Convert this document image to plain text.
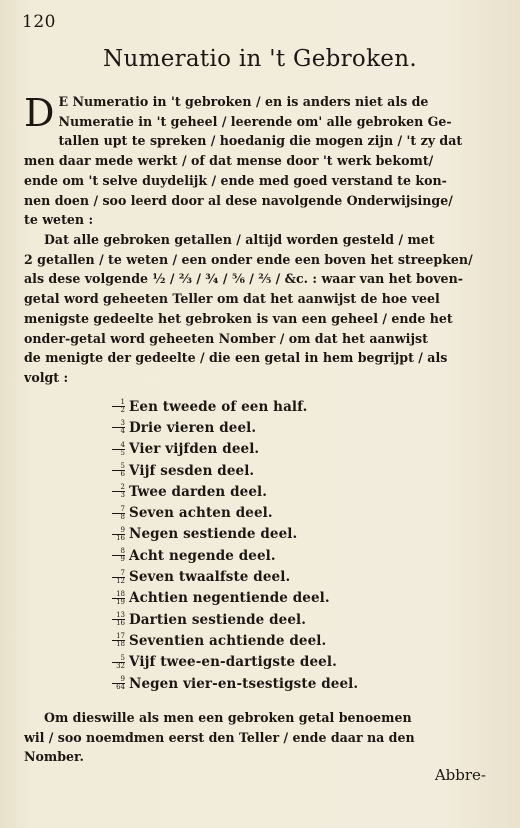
120
Numeratio in 't Gebroken.
D E Numeratio in 't gebroken / en is anders niet als de
Numeratie in 't geheel / leerende om' alle gebroken Ge-
tallen upt te spreken / hoedanig die mogen zijn / 't zy dat
men daar mede werkt / of dat mense door 't werk bekomt/
ende om 't selve duydelijk / ende med goed verstand te kon-
nen doen / soo leerd door al dese navolgende Onderwijsinge/
te weten :
Dat alle gebroken getallen / altijd worden gesteld / met
2 getallen / te weten / een onder ende een boven het streepken/
als dese volgende ½ / ⅔ / ¾ / ⅚ / ⅖ / &c. : waar van het boven-
getal word geheeten Teller om dat het aanwijst de hoe veel
menigste gedeelte het gebroken is van een geheel / ende het
onder-getal word geheeten Nomber / om dat het aanwijst
de menigte der gedeelte / die een getal in hem begrijpt / als
volgt :
$\frac{1}{2}$ Een tweede of een half.
$\frac{3}{4}$ Drie vieren deel.
$\frac{4}{5}$ Vier vijfden deel.
$\frac{5}{6}$ Vijf sesden deel.
$\frac{2}{3}$ Twee darden deel.
$\frac{7}{8}$ Seven achten deel.
$\frac{9}{16}$ Negen sestiende deel.
$\frac{8}{9}$ Acht negende deel.
$\frac{7}{12}$ Seven twaalfste deel.
$\frac{18}{19}$ Achtien negentiende deel.
$\frac{13}{16}$ Dartien sestiende deel.
$\frac{17}{18}$ Seventien achtiende deel.
$\frac{5}{32}$ Vijf twee-en-dartigste deel.
$\frac{9}{64}$ Negen vier-en-tsestigste deel.
Om dieswille als men een gebroken getal benoemen
wil / soo noemdmen eerst den Teller / ende daar na den
Nomber.
Abbre-
